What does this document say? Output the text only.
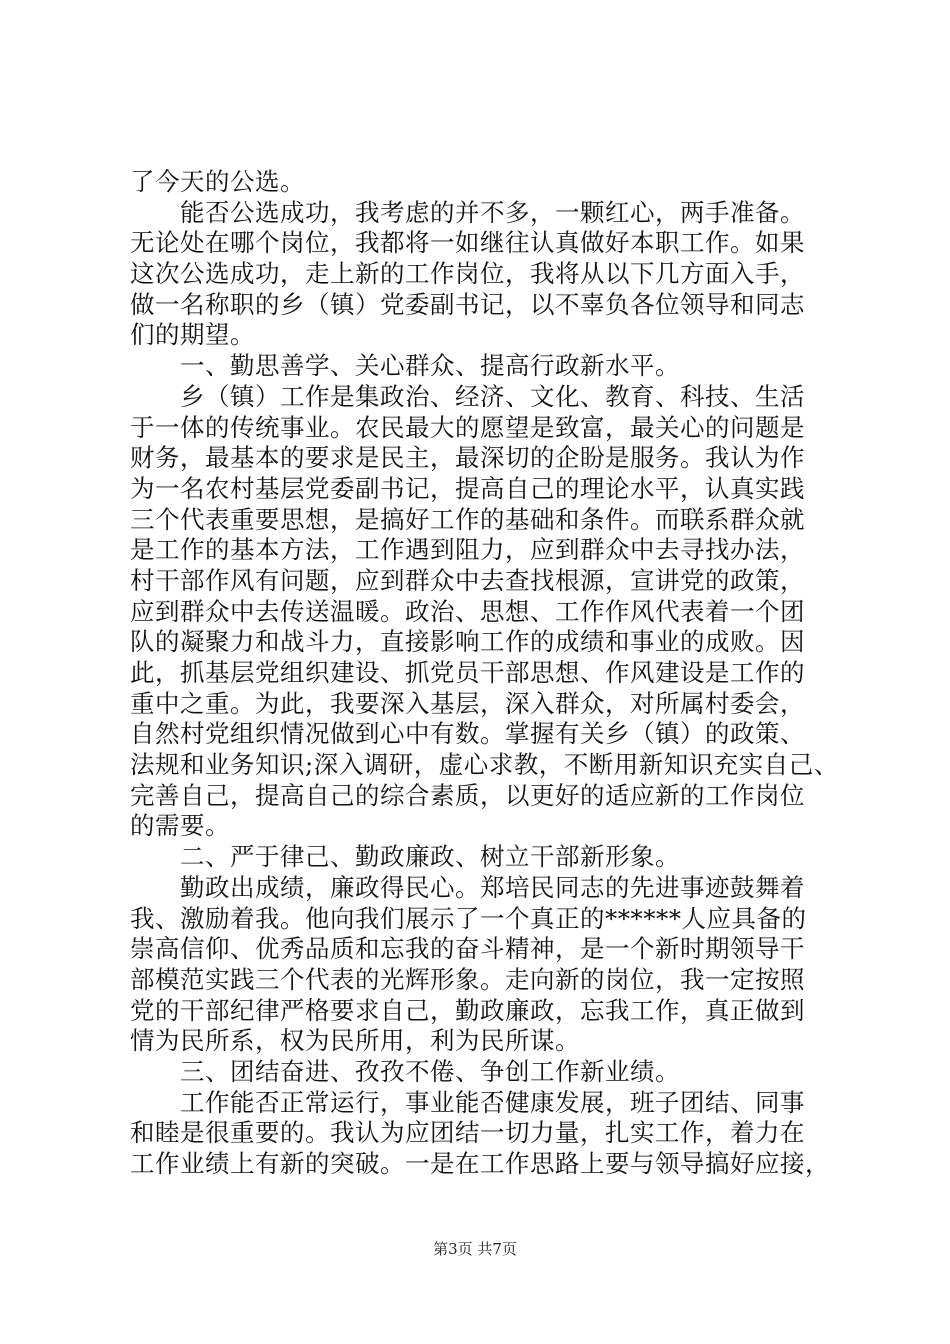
了今天的公选。
　　能否公选成功，我考虑的并不多，一颗红心，两手准备。
无论处在哪个岗位，我都将一如继往认真做好本职工作。如果
这次公选成功，走上新的工作岗位，我将从以下几方面入手，
做一名称职的乡（镇）党委副书记，以不辜负各位领导和同志
们的期望。
　　一、勤思善学、关心群众、提高行政新水平。
　　乡（镇）工作是集政治、经济、文化、教育、科技、生活
于一体的传统事业。农民最大的愿望是致富，最关心的问题是
财务，最基本的要求是民主，最深切的企盼是服务。我认为作
为一名农村基层党委副书记，提高自己的理论水平，认真实践
三个代表重要思想，是搞好工作的基础和条件。而联系群众就
是工作的基本方法，工作遇到阻力，应到群众中去寻找办法，
村干部作风有问题，应到群众中去查找根源，宣讲党的政策，
应到群众中去传送温暖。政治、思想、工作作风代表着一个团
队的凝聚力和战斗力，直接影响工作的成绩和事业的成败。因
此，抓基层党组织建设、抓党员干部思想、作风建设是工作的
重中之重。为此，我要深入基层，深入群众，对所属村委会，
自然村党组织情况做到心中有数。掌握有关乡（镇）的政策、
法规和业务知识;深入调研，虚心求教，不断用新知识充实自己、
完善自己，提高自己的综合素质，以更好的适应新的工作岗位
的需要。
　　二、严于律己、勤政廉政、树立干部新形象。
　　勤政出成绩，廉政得民心。郑培民同志的先进事迹鼓舞着
我、激励着我。他向我们展示了一个真正的******人应具备的
崇高信仰、优秀品质和忘我的奋斗精神，是一个新时期领导干
部模范实践三个代表的光辉形象。走向新的岗位，我一定按照
党的干部纪律严格要求自己，勤政廉政，忘我工作，真正做到
情为民所系，权为民所用，利为民所谋。
　　三、团结奋进、孜孜不倦、争创工作新业绩。
　　工作能否正常运行，事业能否健康发展，班子团结、同事
和睦是很重要的。我认为应团结一切力量，扎实工作，着力在
工作业绩上有新的突破。一是在工作思路上要与领导搞好应接，
第3页 共7页
